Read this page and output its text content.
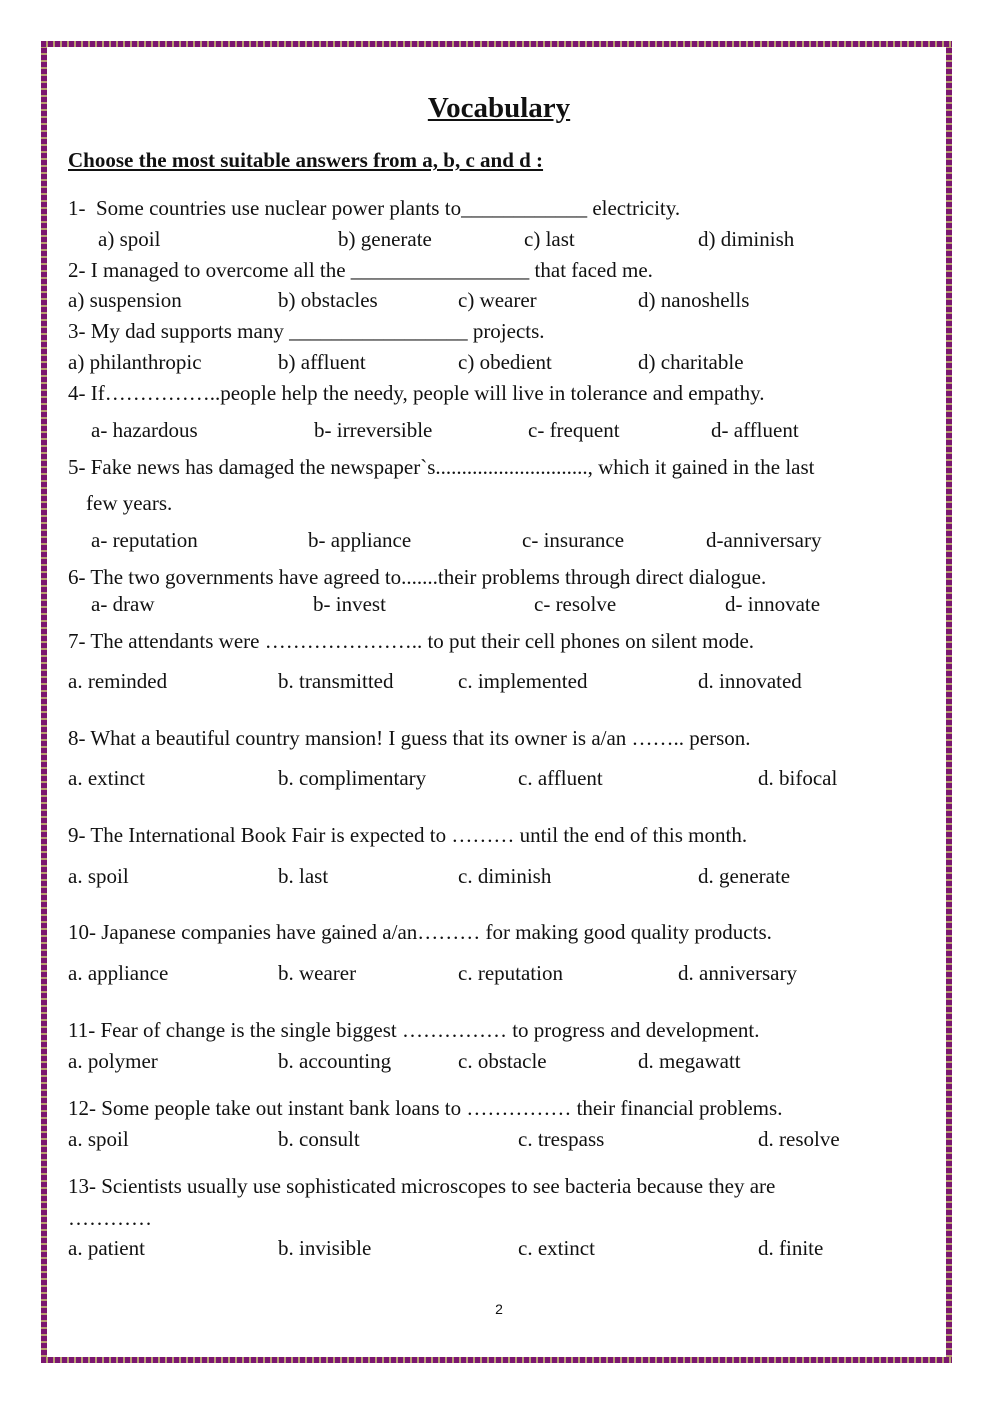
Vocabulary
Choose the most suitable answers from a, b, c and d :
1-  Some countries use nuclear power plants to____________ electricity.
a) spoil	b) generate	c) last	d) diminish
2- I managed to overcome all the _________________ that faced me.
a) suspension	b) obstacles	c) wearer	d) nanoshells
3- My dad supports many _________________ projects.
a) philanthropic	b) affluent	c) obedient	d) charitable
4- If……………..people help the needy, people will live in tolerance and empathy.
a- hazardous	b- irreversible	c- frequent	d- affluent
5- Fake news has damaged the newspaper`s............................., which it gained in the last
few years.
a- reputation	b- appliance	c- insurance	d-anniversary
6- The two governments have agreed to.......their problems through direct dialogue.
a- draw	b- invest	c- resolve	d- innovate
7- The attendants were ………………….. to put their cell phones on silent mode.
a. reminded	b. transmitted	c. implemented	d. innovated
8- What a beautiful country mansion! I guess that its owner is a/an …….. person.
a. extinct	b. complimentary	c. affluent	d. bifocal
9- The International Book Fair is expected to ……… until the end of this month.
a. spoil	b. last	c. diminish	d. generate
10- Japanese companies have gained a/an……… for making good quality products.
a. appliance	b. wearer	c. reputation	d. anniversary
11- Fear of change is the single biggest …………… to progress and development.
a. polymer	b. accounting	c. obstacle	d. megawatt
12- Some people take out instant bank loans to …………… their financial problems.
a. spoil	b. consult	c. trespass	d. resolve
13- Scientists usually use sophisticated microscopes to see bacteria because they are
…………
a. patient	b. invisible	c. extinct	d. finite
2
